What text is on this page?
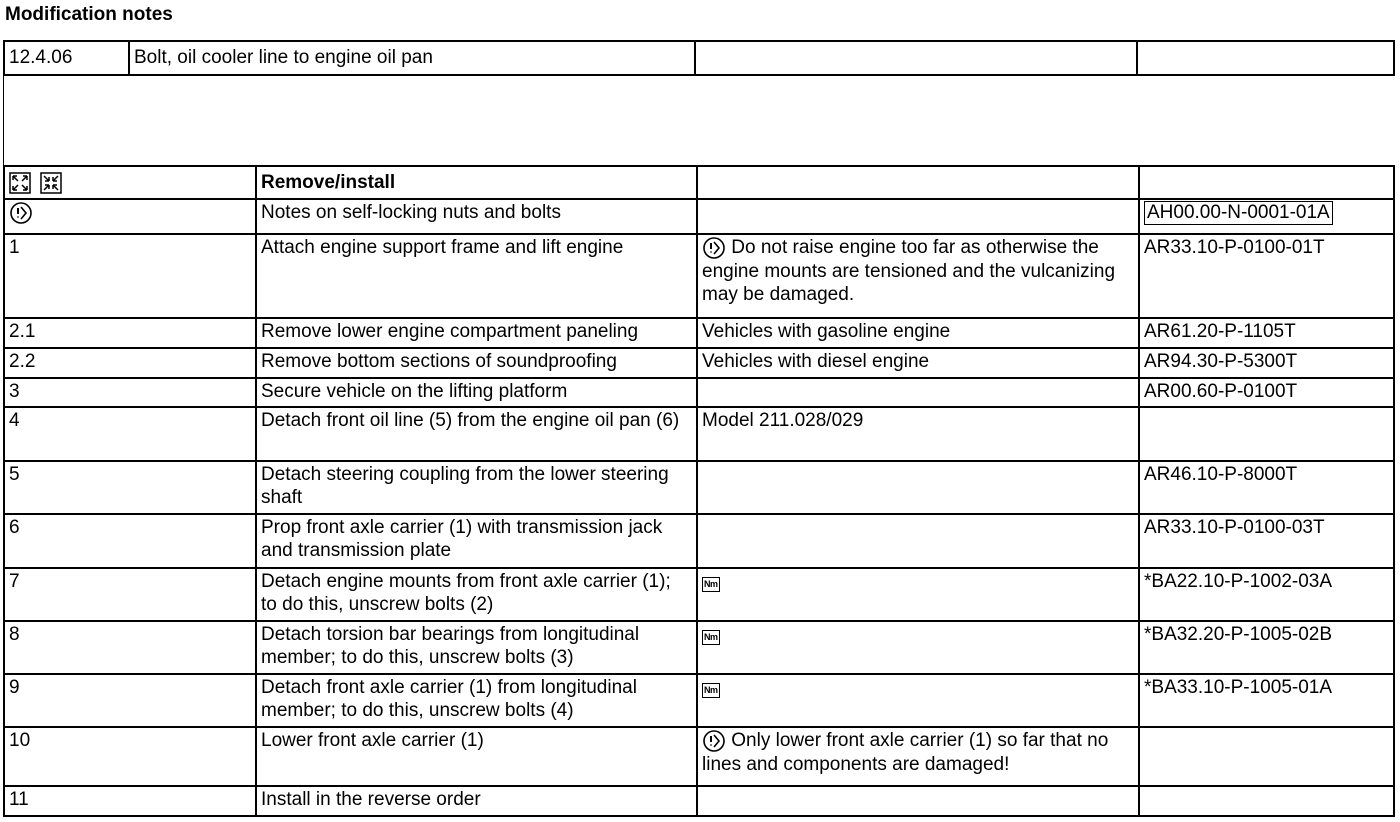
Modification notes
12.4.06	Bolt, oil cooler line to engine oil pan		

	Remove/install		

	Notes on self-locking nuts and bolts		AH00.00-N-0001-01A
1	Attach engine support frame and lift engine	Do not raise engine too far as otherwise the engine mounts are tensioned and the vulcanizing may be damaged.	AR33.10-P-0100-01T
2.1	Remove lower engine compartment paneling	Vehicles with gasoline engine	AR61.20-P-1105T
2.2	Remove bottom sections of soundproofing	Vehicles with diesel engine	AR94.30-P-5300T
3	Secure vehicle on the lifting platform		AR00.60-P-0100T
4	Detach front oil line (5) from the engine oil pan (6)	Model 211.028/029	
5	Detach steering coupling from the lower steering shaft		AR46.10-P-8000T
6	Prop front axle carrier (1) with transmission jack and transmission plate		AR33.10-P-0100-03T
7	Detach engine mounts from front axle carrier (1); to do this, unscrew bolts (2)	Nm	*BA22.10-P-1002-03A
8	Detach torsion bar bearings from longitudinal member; to do this, unscrew bolts (3)	Nm	*BA32.20-P-1005-02B
9	Detach front axle carrier (1) from longitudinal member; to do this, unscrew bolts (4)	Nm	*BA33.10-P-1005-01A
10	Lower front axle carrier (1)	Only lower front axle carrier (1) so far that no lines and components are damaged!	
11	Install in the reverse order		
